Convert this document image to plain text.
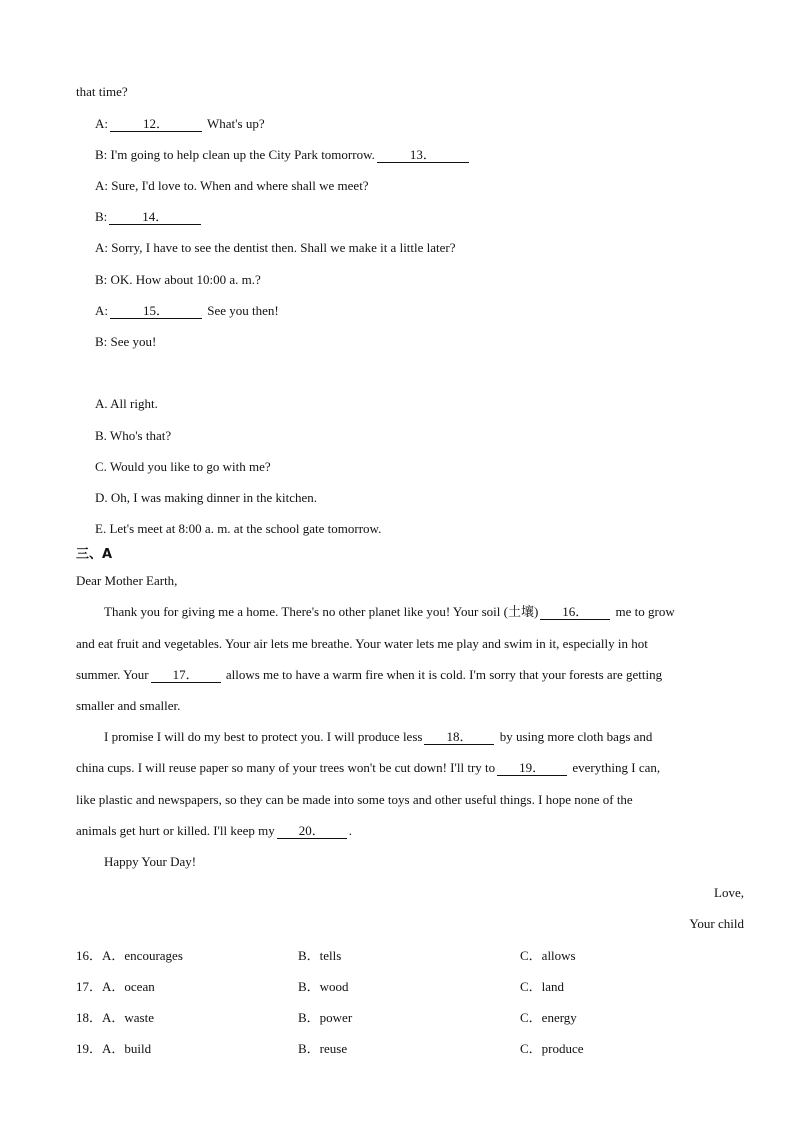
that time?
A:	12．	What's up?
B: I'm going to help clean up the City Park tomorrow.	13．
A: Sure, I'd love to. When and where shall we meet?
B:	14．
A: Sorry, I have to see the dentist then. Shall we make it a little later?
B: OK. How about 10:00 a. m.?
A:	15．	See you then!
B: See you!
A. All right.
B. Who's that?
C. Would you like to go with me?
D. Oh, I was making dinner in the kitchen.
E. Let's meet at 8:00 a. m. at the school gate tomorrow.
三、A
Dear Mother Earth,
Thank you for giving me a home. There's no other planet like you! Your soil (土壤) 16． me to grow
and eat fruit and vegetables. Your air lets me breathe. Your water lets me play and swim in it, especially in hot
summer. Your 17． allows me to have a warm fire when it is cold. I'm sorry that your forests are getting
smaller and smaller.
I promise I will do my best to protect you. I will produce less 18． by using more cloth bags and
china cups. I will reuse paper so many of your trees won't be cut down! I'll try to 19． everything I can,
like plastic and newspapers, so they can be made into some toys and other useful things. I hope none of the
animals get hurt or killed. I'll keep my 20． .
Happy Your Day!
Love,
Your child
16．A．encourages	B．tells	C．allows
17．A．ocean	B．wood	C．land
18．A．waste	B．power	C．energy
19．A．build	B．reuse	C．produce
